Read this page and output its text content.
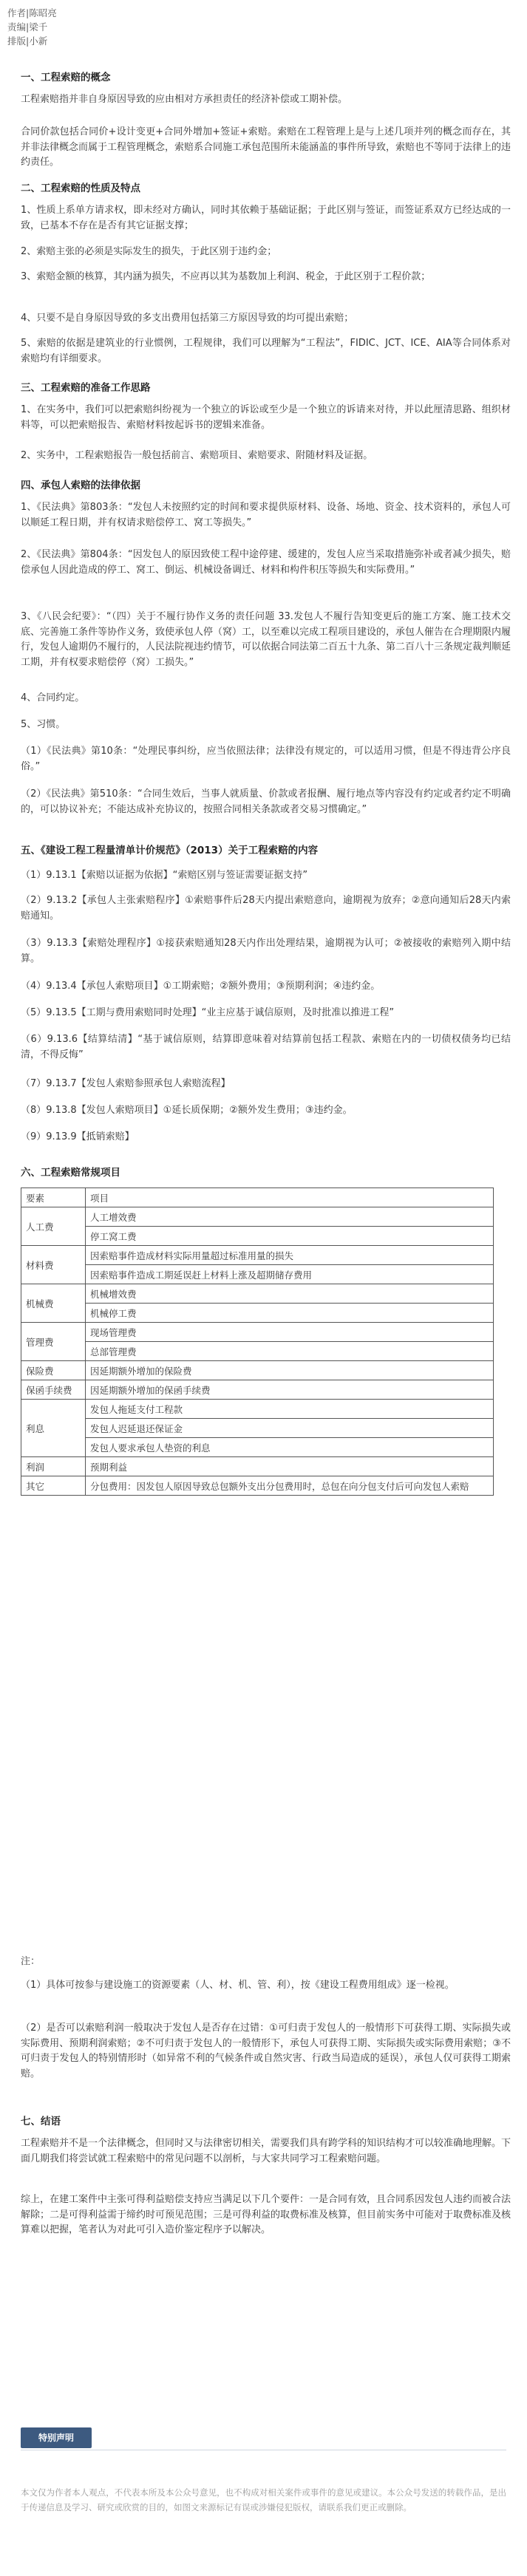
作者|陈昭亮
责编|梁千
排版|小新
要素	项目
人工费	人工增效费
	停工窝工费
材料费	因索赔事件造成材料实际用量超过标准用量的损失
	因索赔事件造成工期延误赶上材料上涨及超期储存费用
机械费	机械增效费
	机械停工费
管理费	现场管理费
	总部管理费
保险费	因延期额外增加的保险费
保函手续费	因延期额外增加的保函手续费
利息	发包人拖延支付工程款
	发包人迟延退还保证金
	发包人要求承包人垫资的利息
利润	预期利益
其它	分包费用：因发包人原因导致总包额外支出分包费用时，总包在向分包支付后可向发包人索赔
一、工程索赔的概念
工程索赔指并非自身原因导致的应由相对方承担责任的经济补偿或工期补偿。
合同价款包括合同价+设计变更+合同外增加+签证+索赔。索赔在工程管理上是与上述几项并列的概念而存在，其并非法律概念而属于工程管理概念，索赔系合同施工承包范围所未能涵盖的事件所导致，索赔也不等同于法律上的违约责任。
二、工程索赔的性质及特点
1、性质上系单方请求权，即未经对方确认，同时其依赖于基础证据；于此区别与签证，而签证系双方已经达成的一致，已基本不存在是否有其它证据支撑；
2、索赔主张的必须是实际发生的损失，于此区别于违约金；
3、索赔金额的核算，其内涵为损失，不应再以其为基数加上利润、税金，于此区别于工程价款；
4、只要不是自身原因导致的多支出费用包括第三方原因导致的均可提出索赔；
5、索赔的依据是建筑业的行业惯例，工程规律，我们可以理解为“工程法”，FIDIC、JCT、ICE、AIA等合同体系对索赔均有详细要求。
三、工程索赔的准备工作思路
1、在实务中，我们可以把索赔纠纷视为一个独立的诉讼或至少是一个独立的诉请来对待，并以此厘清思路、组织材料等，可以把索赔报告、索赔材料按起诉书的逻辑来准备。
2、实务中，工程索赔报告一般包括前言、索赔项目、索赔要求、附随材料及证据。
四、承包人索赔的法律依据
1、《民法典》第803条：“发包人未按照约定的时间和要求提供原材料、设备、场地、资金、技术资料的，承包人可以顺延工程日期，并有权请求赔偿停工、窝工等损失。”
2、《民法典》第804条：“因发包人的原因致使工程中途停建、缓建的，发包人应当采取措施弥补或者减少损失，赔偿承包人因此造成的停工、窝工、倒运、机械设备调迁、材料和构件积压等损失和实际费用。”
3、《八民会纪要》：“（四）关于不履行协作义务的责任问题 33.发包人不履行告知变更后的施工方案、施工技术交底、完善施工条件等协作义务，致使承包人停（窝）工，以至难以完成工程项目建设的，承包人催告在合理期限内履行，发包人逾期仍不履行的，人民法院视违约情节，可以依据合同法第二百五十九条、第二百八十三条规定裁判顺延工期，并有权要求赔偿停（窝）工损失。”
4、合同约定。
5、习惯。
（1）《民法典》第10条：“处理民事纠纷，应当依照法律；法律没有规定的，可以适用习惯，但是不得违背公序良俗。”
（2）《民法典》第510条：“合同生效后，当事人就质量、价款或者报酬、履行地点等内容没有约定或者约定不明确的，可以协议补充；不能达成补充协议的，按照合同相关条款或者交易习惯确定。”
五、《建设工程工程量清单计价规范》（2013）关于工程索赔的内容
（1）9.13.1【索赔以证据为依据】“索赔区别与签证需要证据支持”
（2）9.13.2【承包人主张索赔程序】①索赔事件后28天内提出索赔意向，逾期视为放弃；②意向通知后28天内索赔通知。
（3）9.13.3【索赔处理程序】①接获索赔通知28天内作出处理结果，逾期视为认可；②被接收的索赔列入期中结算。
（4）9.13.4【承包人索赔项目】①工期索赔；②额外费用；③预期利润；④违约金。
（5）9.13.5【工期与费用索赔同时处理】“业主应基于诚信原则，及时批准以推进工程”
（6）9.13.6【结算结清】“基于诚信原则，结算即意味着对结算前包括工程款、索赔在内的一切债权债务均已结清，不得反悔”
（7）9.13.7【发包人索赔参照承包人索赔流程】
（8）9.13.8【发包人索赔项目】①延长质保期；②额外发生费用；③违约金。
（9）9.13.9【抵销索赔】
六、工程索赔常规项目
注：
（1）具体可按参与建设施工的资源要素（人、材、机、管、利），按《建设工程费用组成》逐一检视。
（2）是否可以索赔利润一般取决于发包人是否存在过错：①可归责于发包人的一般情形下可获得工期、实际损失或实际费用、预期利润索赔；②不可归责于发包人的一般情形下，承包人可获得工期、实际损失或实际费用索赔；③不可归责于发包人的特别情形时（如异常不利的气候条件或自然灾害、行政当局造成的延误），承包人仅可获得工期索赔。
七、结语
工程索赔并不是一个法律概念，但同时又与法律密切相关，需要我们具有跨学科的知识结构才可以较准确地理解。下面几期我们将尝试就工程索赔中的常见问题不以剖析，与大家共同学习工程索赔问题。
综上，在建工案件中主张可得利益赔偿支持应当满足以下几个要件：一是合同有效，且合同系因发包人违约而被合法解除；二是可得利益需于缔约时可预见范围；三是可得利益的取费标准及核算，但目前实务中可能对于取费标准及核算难以把握，笔者认为对此可引入造价鉴定程序予以解决。
特别声明
本文仅为作者本人观点，不代表本所及本公众号意见，也不构成对相关案件或事件的意见或建议。本公众号发送的转载作品，是出于传递信息及学习、研究或欣赏的目的，如图文来源标记有误或涉嫌侵犯版权，请联系我们更正或删除。
